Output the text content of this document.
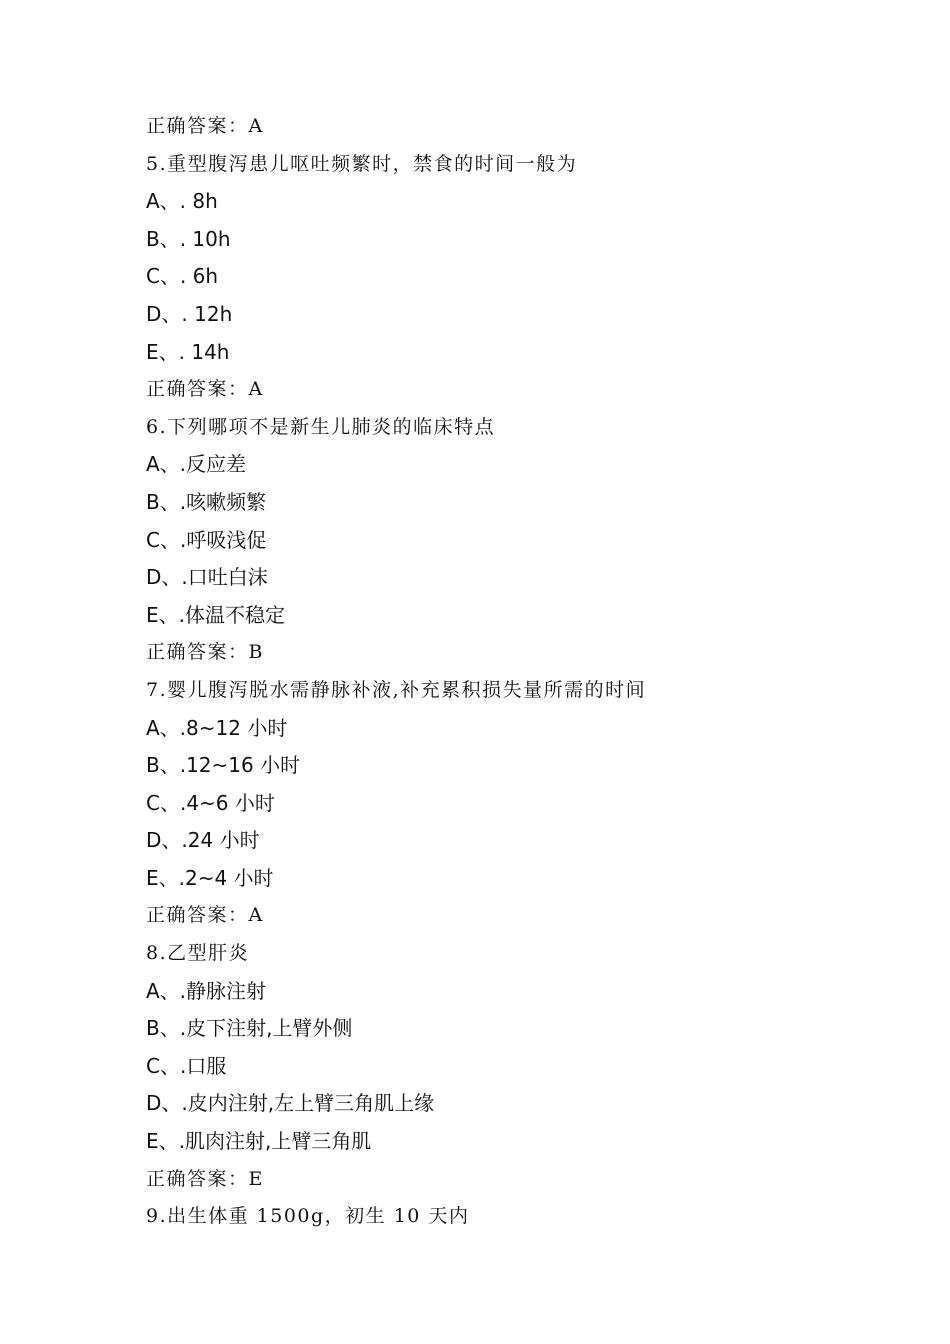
正确答案：A
5.重型腹泻患儿呕吐频繁时，禁食的时间一般为
A、. 8h
B、. 10h
C、. 6h
D、. 12h
E、. 14h
正确答案：A
6.下列哪项不是新生儿肺炎的临床特点
A、.反应差
B、.咳嗽频繁
C、.呼吸浅促
D、.口吐白沫
E、.体温不稳定
正确答案：B
7.婴儿腹泻脱水需静脉补液,补充累积损失量所需的时间
A、.8~12 小时
B、.12~16 小时
C、.4~6 小时
D、.24 小时
E、.2~4 小时
正确答案：A
8.乙型肝炎
A、.静脉注射
B、.皮下注射,上臂外侧
C、.口服
D、.皮内注射,左上臂三角肌上缘
E、.肌肉注射,上臂三角肌
正确答案：E
9.出生体重 1500g，初生 10 天内
